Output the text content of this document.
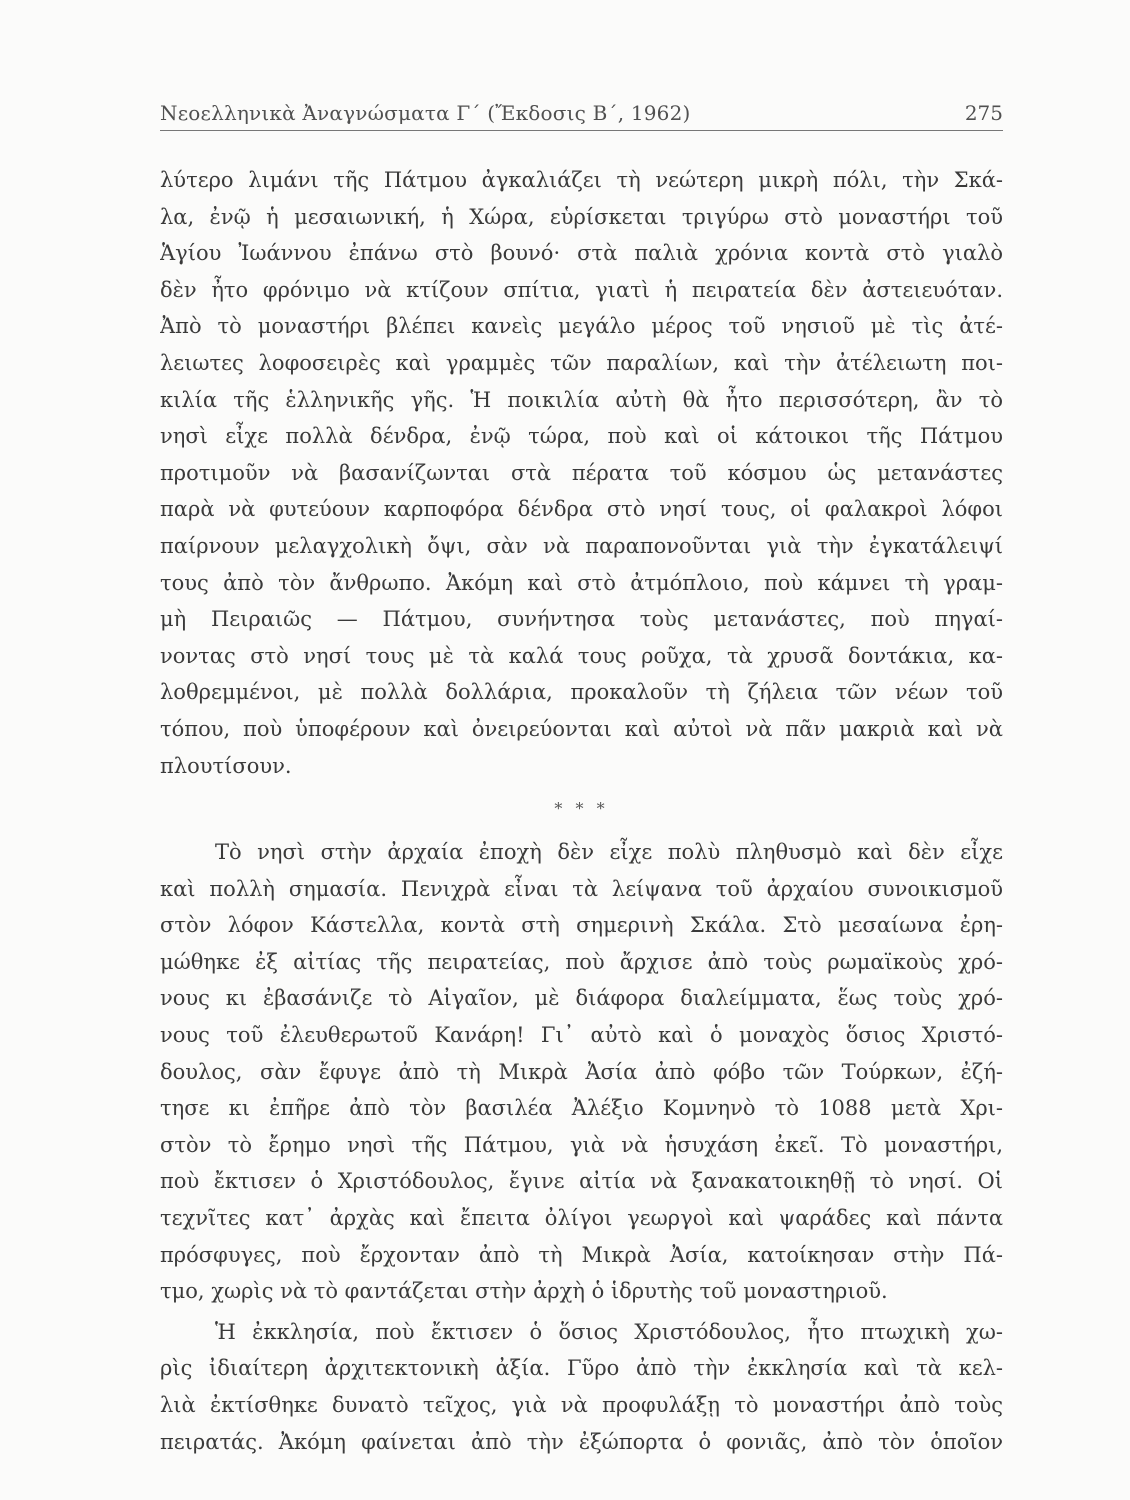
Νεοελληνικὰ Ἀναγνώσματα Γ΄ (Ἔκδοσις Β΄, 1962)	275
λύτερο λιμάνι τῆς Πάτμου ἀγκαλιάζει τὴ νεώτερη μικρὴ πόλι, τὴν Σκά-
λα, ἐνῷ ἡ μεσαιωνική, ἡ Χώρα, εὑρίσκεται τριγύρω στὸ μοναστήρι τοῦ
Ἁγίου Ἰωάννου ἐπάνω στὸ βουνό· στὰ παλιὰ χρόνια κοντὰ στὸ γιαλὸ
δὲν ἦτο φρόνιμο νὰ κτίζουν σπίτια, γιατὶ ἡ πειρατεία δὲν ἀστειευόταν.
Ἀπὸ τὸ μοναστήρι βλέπει κανεὶς μεγάλο μέρος τοῦ νησιοῦ μὲ τὶς ἀτέ-
λειωτες λοφοσειρὲς καὶ γραμμὲς τῶν παραλίων, καὶ τὴν ἀτέλειωτη ποι-
κιλία τῆς ἑλληνικῆς γῆς. Ἡ ποικιλία αὐτὴ θὰ ἦτο περισσότερη, ἂν τὸ
νησὶ εἶχε πολλὰ δένδρα, ἐνῷ τώρα, ποὺ καὶ οἱ κάτοικοι τῆς Πάτμου
προτιμοῦν νὰ βασανίζωνται στὰ πέρατα τοῦ κόσμου ὡς μετανάστες
παρὰ νὰ φυτεύουν καρποφόρα δένδρα στὸ νησί τους, οἱ φαλακροὶ λόφοι
παίρνουν μελαγχολικὴ ὄψι, σὰν νὰ παραπονοῦνται γιὰ τὴν ἐγκατάλειψί
τους ἀπὸ τὸν ἄνθρωπο. Ἀκόμη καὶ στὸ ἀτμόπλοιο, ποὺ κάμνει τὴ γραμ-
μὴ Πειραιῶς — Πάτμου, συνήντησα τοὺς μετανάστες, ποὺ πηγαί-
νοντας στὸ νησί τους μὲ τὰ καλά τους ροῦχα, τὰ χρυσᾶ δοντάκια, κα-
λοθρεμμένοι, μὲ πολλὰ δολλάρια, προκαλοῦν τὴ ζήλεια τῶν νέων τοῦ
τόπου, ποὺ ὑποφέρουν καὶ ὀνειρεύονται καὶ αὐτοὶ νὰ πᾶν μακριὰ καὶ νὰ
πλουτίσουν.
* * *
Τὸ νησὶ στὴν ἀρχαία ἐποχὴ δὲν εἶχε πολὺ πληθυσμὸ καὶ δὲν εἶχε
καὶ πολλὴ σημασία. Πενιχρὰ εἶναι τὰ λείψανα τοῦ ἀρχαίου συνοικισμοῦ
στὸν λόφον Κάστελλα, κοντὰ στὴ σημερινὴ Σκάλα. Στὸ μεσαίωνα ἐρη-
μώθηκε ἐξ αἰτίας τῆς πειρατείας, ποὺ ἄρχισε ἀπὸ τοὺς ρωμαϊκοὺς χρό-
νους κι ἐβασάνιζε τὸ Αἰγαῖον, μὲ διάφορα διαλείμματα, ἕως τοὺς χρό-
νους τοῦ ἐλευθερωτοῦ Κανάρη! Γι᾽ αὐτὸ καὶ ὁ μοναχὸς ὅσιος Χριστό-
δουλος, σὰν ἔφυγε ἀπὸ τὴ Μικρὰ Ἀσία ἀπὸ φόβο τῶν Τούρκων, ἐζή-
τησε κι ἐπῆρε ἀπὸ τὸν βασιλέα Ἀλέξιο Κομνηνὸ τὸ 1088 μετὰ Χρι-
στὸν τὸ ἔρημο νησὶ τῆς Πάτμου, γιὰ νὰ ἡσυχάση ἐκεῖ. Τὸ μοναστήρι,
ποὺ ἔκτισεν ὁ Χριστόδουλος, ἔγινε αἰτία νὰ ξανακατοικηθῇ τὸ νησί. Οἱ
τεχνῖτες κατ᾽ ἀρχὰς καὶ ἔπειτα ὀλίγοι γεωργοὶ καὶ ψαράδες καὶ πάντα
πρόσφυγες, ποὺ ἔρχονταν ἀπὸ τὴ Μικρὰ Ἀσία, κατοίκησαν στὴν Πά-
τμο, χωρὶς νὰ τὸ φαντάζεται στὴν ἀρχὴ ὁ ἱδρυτὴς τοῦ μοναστηριοῦ.
Ἡ ἐκκλησία, ποὺ ἔκτισεν ὁ ὅσιος Χριστόδουλος, ἦτο πτωχικὴ χω-
ρὶς ἰδιαίτερη ἀρχιτεκτονικὴ ἀξία. Γῦρο ἀπὸ τὴν ἐκκλησία καὶ τὰ κελ-
λιὰ ἐκτίσθηκε δυνατὸ τεῖχος, γιὰ νὰ προφυλάξῃ τὸ μοναστήρι ἀπὸ τοὺς
πειρατάς. Ἀκόμη φαίνεται ἀπὸ τὴν ἐξώπορτα ὁ φονιᾶς, ἀπὸ τὸν ὁποῖον
